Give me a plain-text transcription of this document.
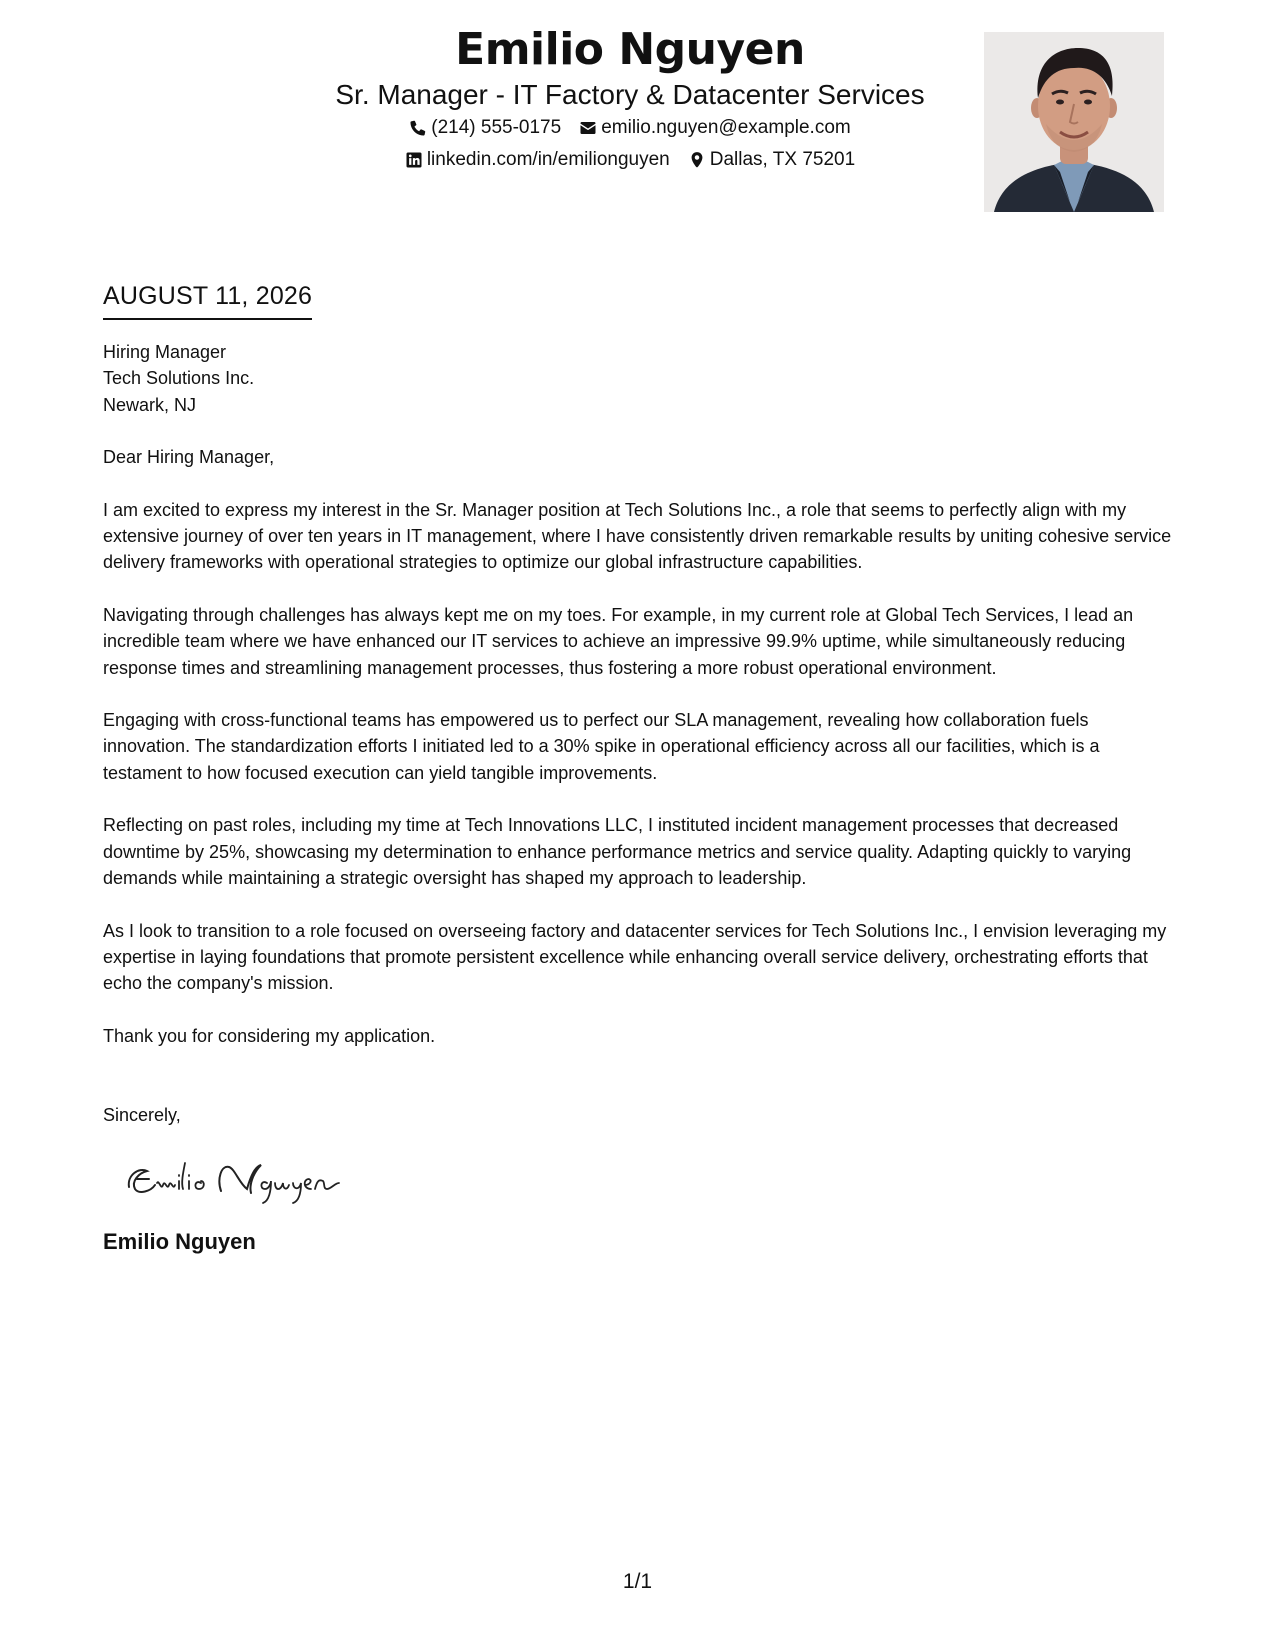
Emilio Nguyen

Sr. Manager - IT Factory & Datacenter Services

(214) 555-0175 emilio.nguyen@example.com
linkedin.com/in/emilionguyen Dallas, TX 75201
AUGUST 11, 2026

Hiring Manager

Tech Solutions Inc.

Newark, NJ

Dear Hiring Manager,

I am excited to express my interest in the Sr. Manager position at Tech Solutions Inc., a role that seems to perfectly align with my extensive journey of over ten years in IT management, where I have consistently driven remarkable results by uniting cohesive service delivery frameworks with operational strategies to optimize our global infrastructure capabilities.

Navigating through challenges has always kept me on my toes. For example, in my current role at Global Tech Services, I lead an incredible team where we have enhanced our IT services to achieve an impressive 99.9% uptime, while simultaneously reducing response times and streamlining management processes, thus fostering a more robust operational environment.

Engaging with cross-functional teams has empowered us to perfect our SLA management, revealing how collaboration fuels innovation. The standardization efforts I initiated led to a 30% spike in operational efficiency across all our facilities, which is a testament to how focused execution can yield tangible improvements.

Reflecting on past roles, including my time at Tech Innovations LLC, I instituted incident management processes that decreased downtime by 25%, showcasing my determination to enhance performance metrics and service quality. Adapting quickly to varying demands while maintaining a strategic oversight has shaped my approach to leadership.

As I look to transition to a role focused on overseeing factory and datacenter services for Tech Solutions Inc., I envision leveraging my expertise in laying foundations that promote persistent excellence while enhancing overall service delivery, orchestrating efforts that echo the company's mission.

Thank you for considering my application.

Sincerely,

Emilio Nguyen

1/1
